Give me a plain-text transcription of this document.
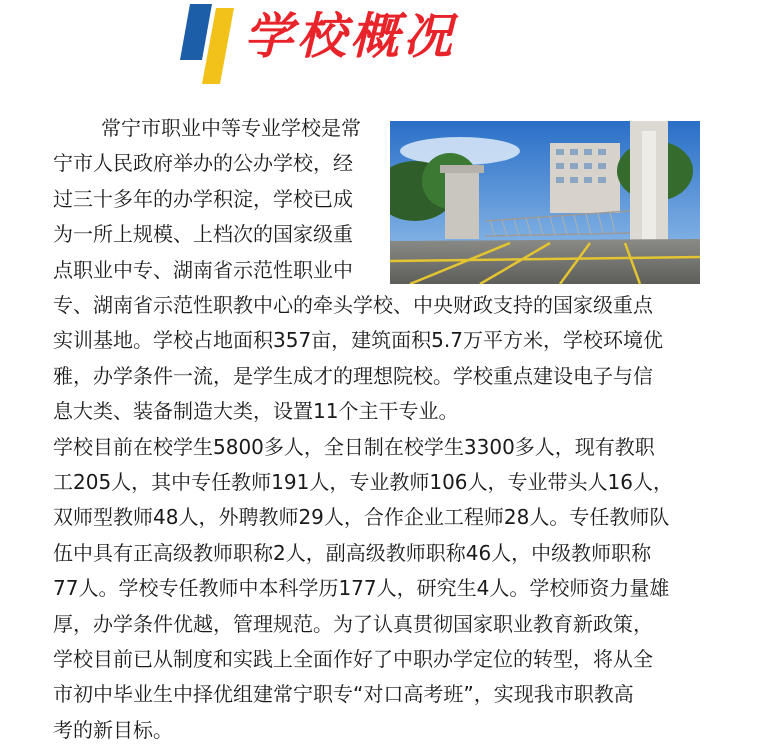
学校概况
常宁市职业中等专业学校是常
宁市人民政府举办的公办学校，经
过三十多年的办学积淀，学校已成
为一所上规模、上档次的国家级重
点职业中专、湖南省示范性职业中
专、湖南省示范性职教中心的牵头学校、中央财政支持的国家级重点
实训基地。学校占地面积357亩，建筑面积5.7万平方米，学校环境优
雅，办学条件一流，是学生成才的理想院校。学校重点建设电子与信
息大类、装备制造大类，设置11个主干专业。
学校目前在校学生5800多人，全日制在校学生3300多人，现有教职
工205人，其中专任教师191人，专业教师106人，专业带头人16人，
双师型教师48人，外聘教师29人，合作企业工程师28人。专任教师队
伍中具有正高级教师职称2人，副高级教师职称46人，中级教师职称
77人。学校专任教师中本科学历177人，研究生4人。学校师资力量雄
厚，办学条件优越，管理规范。为了认真贯彻国家职业教育新政策，
学校目前已从制度和实践上全面作好了中职办学定位的转型，将从全
市初中毕业生中择优组建常宁职专“对口高考班”，实现我市职教高
考的新目标。
